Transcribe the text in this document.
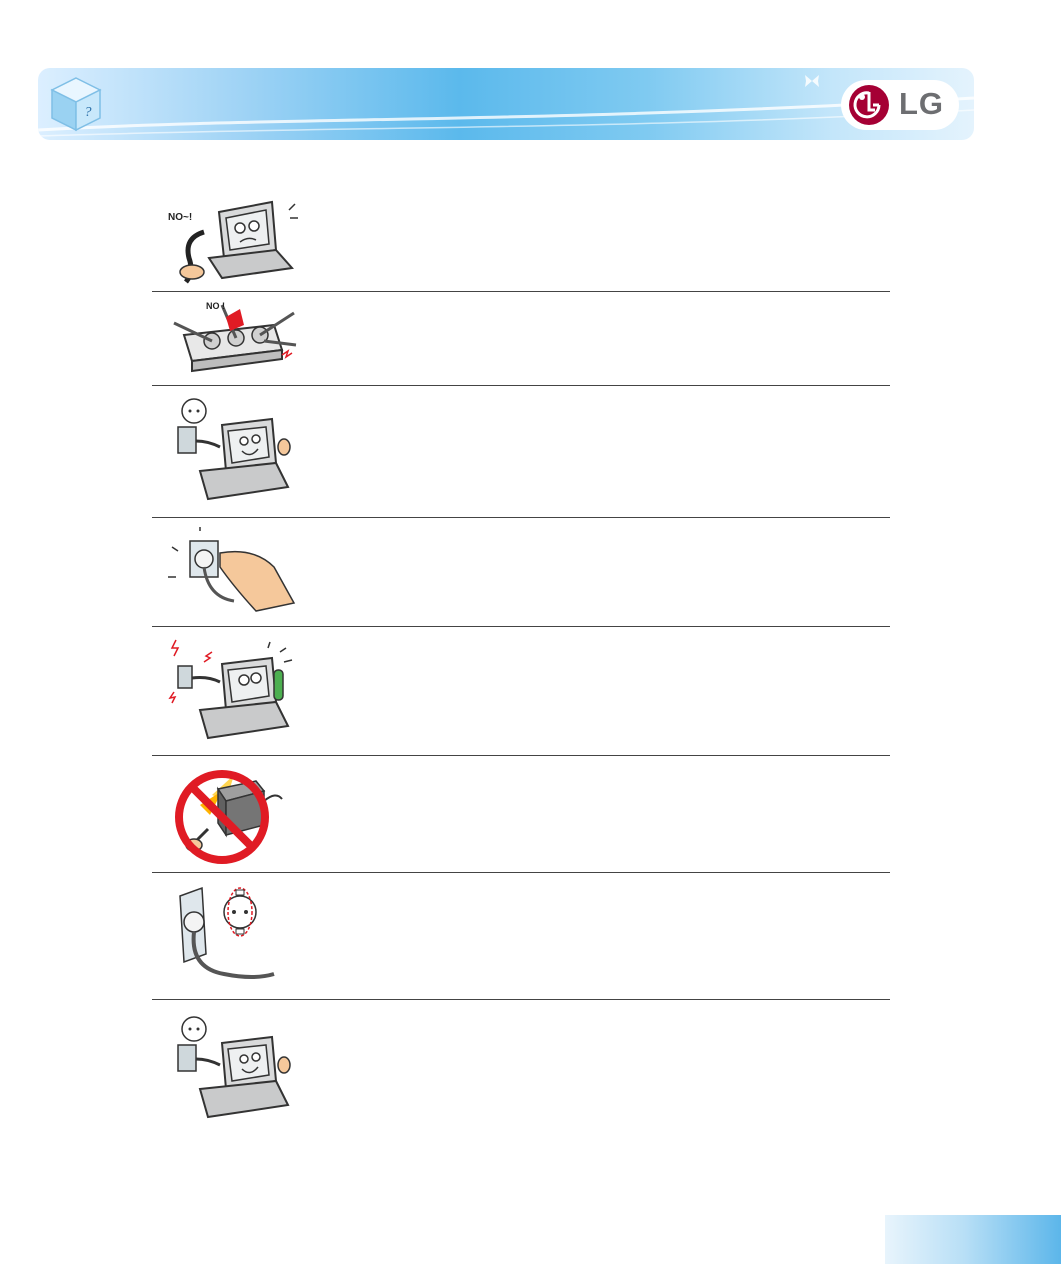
?	LG
NO~!
NO !
